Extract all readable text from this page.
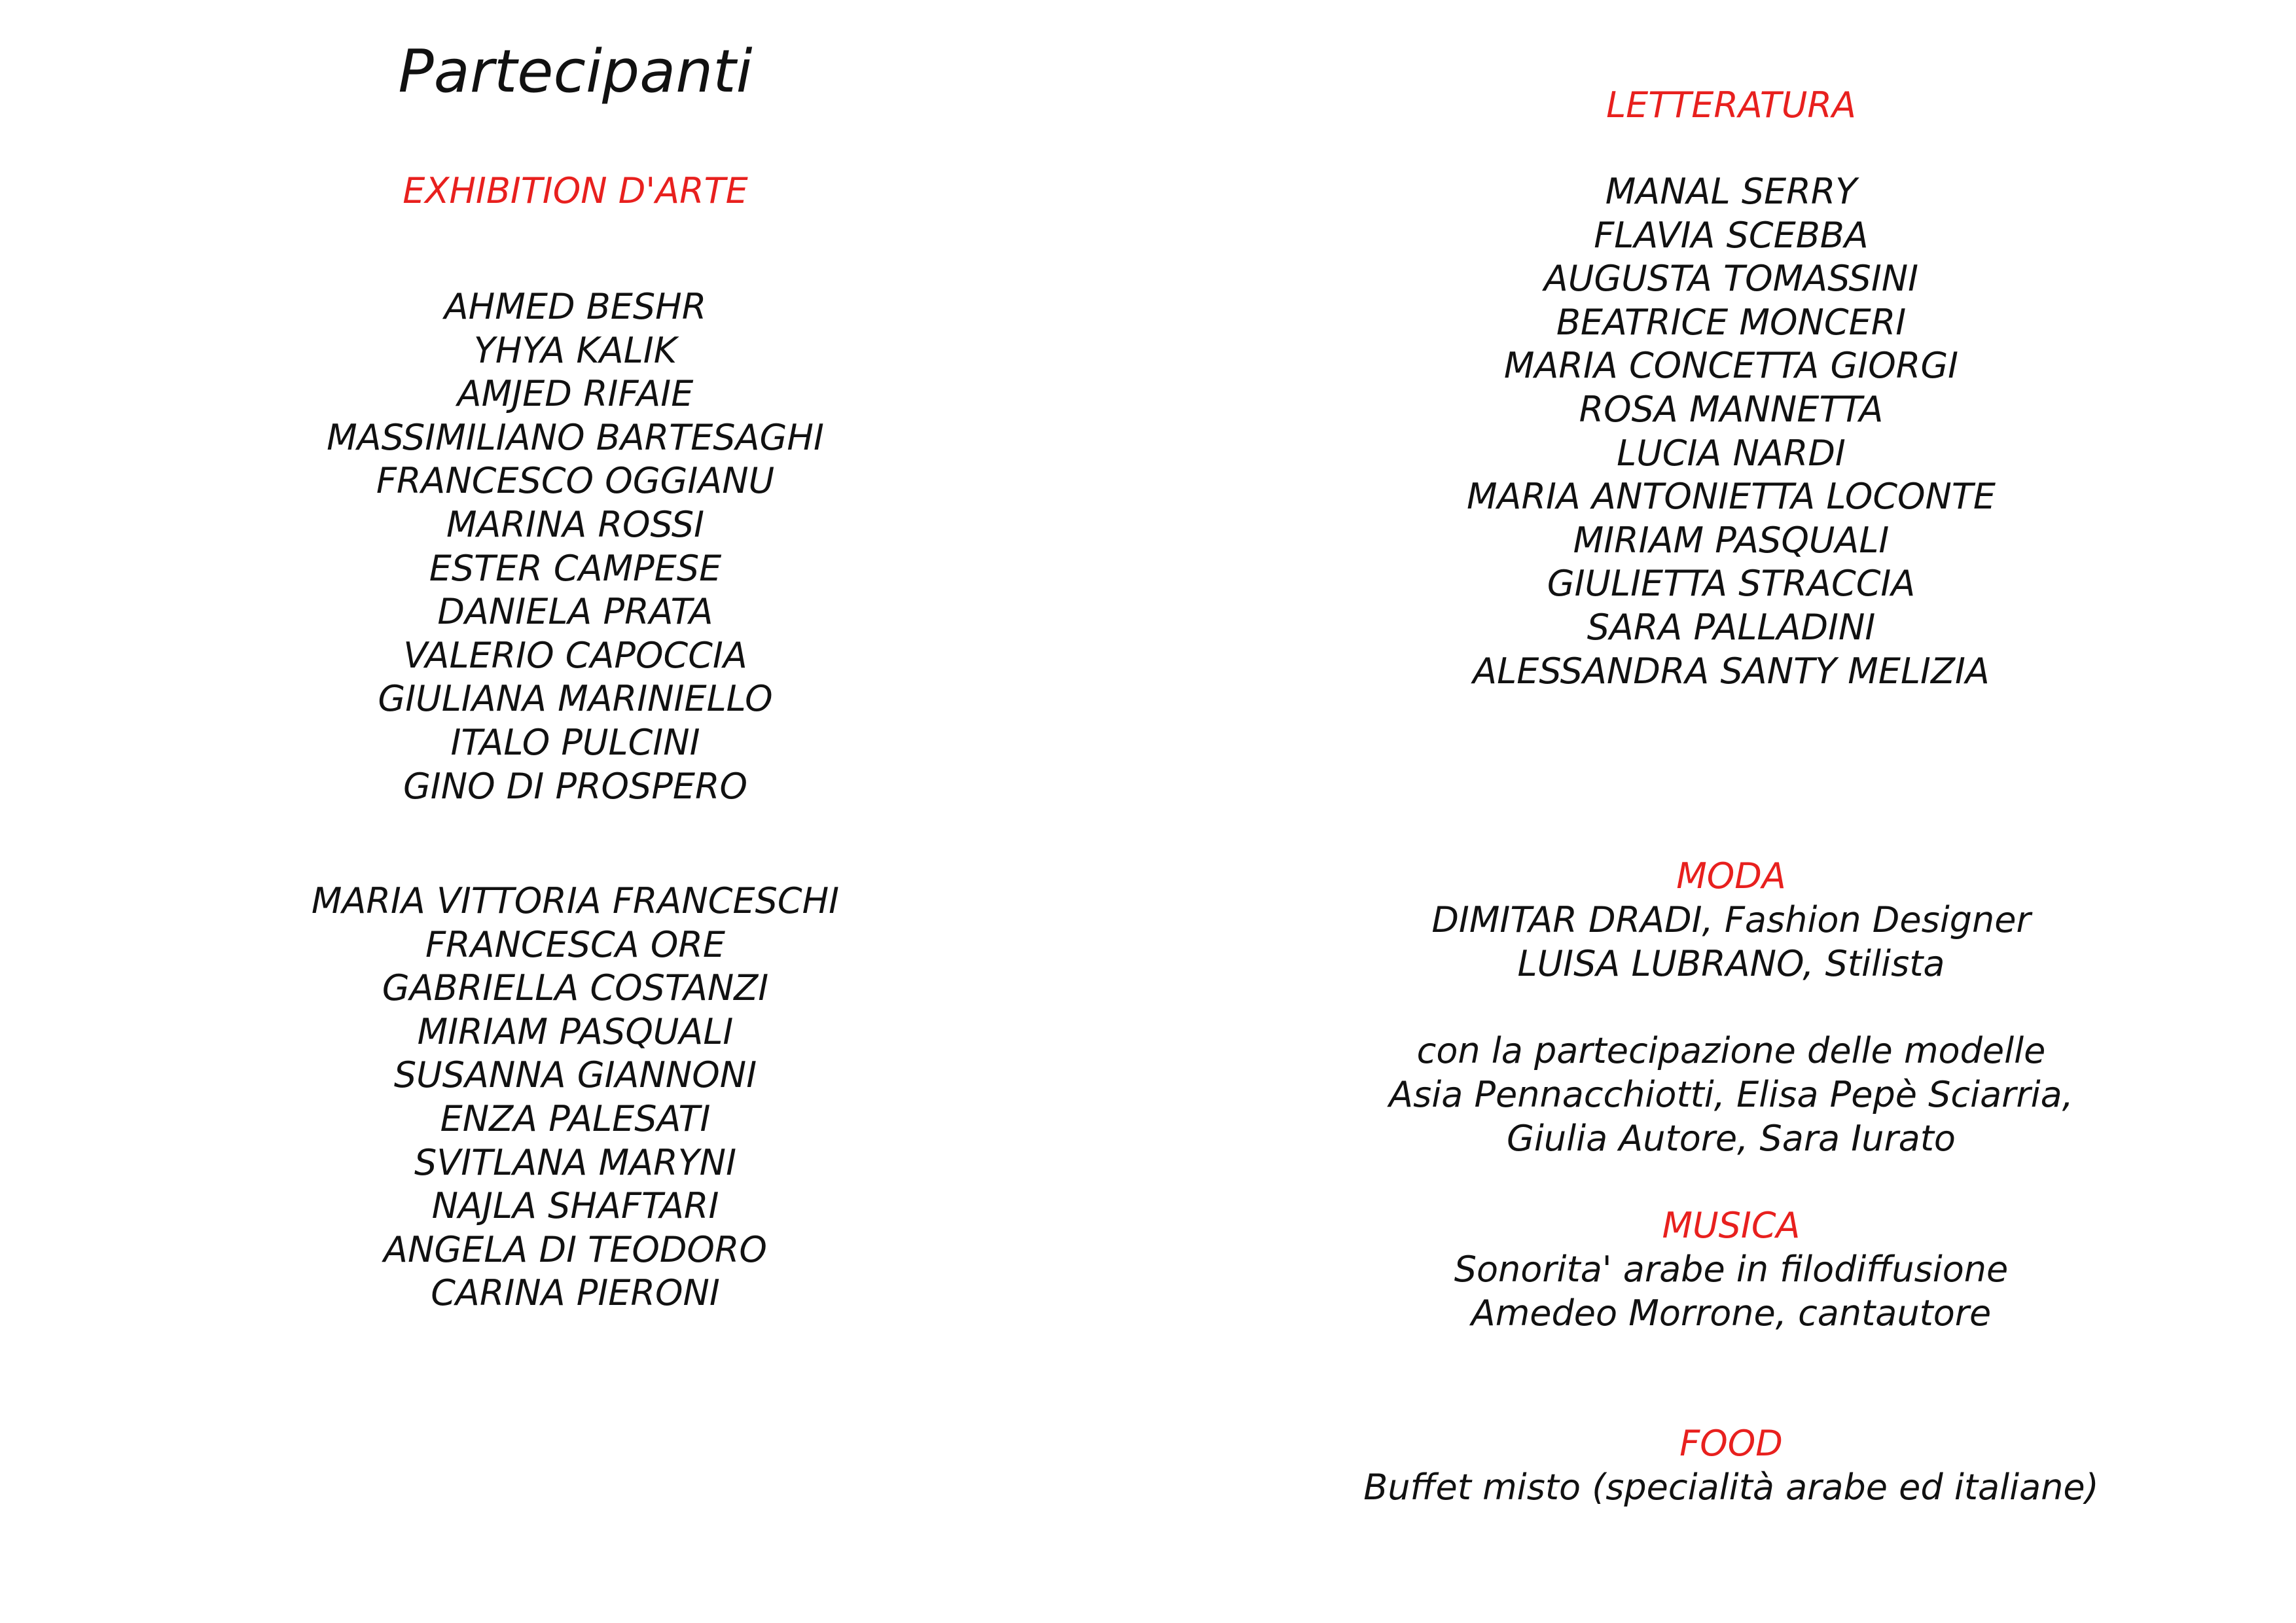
Partecipanti
EXHIBITION D'ARTE
AHMED BESHR
YHYA KALIK
AMJED RIFAIE
MASSIMILIANO BARTESAGHI
FRANCESCO OGGIANU
MARINA ROSSI
ESTER CAMPESE
DANIELA PRATA
VALERIO CAPOCCIA
GIULIANA MARINIELLO
ITALO PULCINI
GINO DI PROSPERO
MARIA VITTORIA FRANCESCHI
FRANCESCA ORE
GABRIELLA COSTANZI
MIRIAM PASQUALI
SUSANNA GIANNONI
ENZA PALESATI
SVITLANA MARYNI
NAJLA SHAFTARI
ANGELA DI TEODORO
CARINA PIERONI
LETTERATURA
MANAL SERRY
FLAVIA SCEBBA
AUGUSTA TOMASSINI
BEATRICE MONCERI
MARIA CONCETTA GIORGI
ROSA MANNETTA
LUCIA NARDI
MARIA ANTONIETTA LOCONTE
MIRIAM PASQUALI
GIULIETTA STRACCIA
SARA PALLADINI
ALESSANDRA SANTY MELIZIA
MODA
DIMITAR DRADI, Fashion Designer
LUISA LUBRANO, Stilista
con la partecipazione delle modelle
Asia Pennacchiotti, Elisa Pepè Sciarria,
Giulia Autore, Sara Iurato
MUSICA
Sonorita' arabe in filodiffusione
Amedeo Morrone, cantautore
FOOD
Buffet misto (specialità arabe ed italiane)
